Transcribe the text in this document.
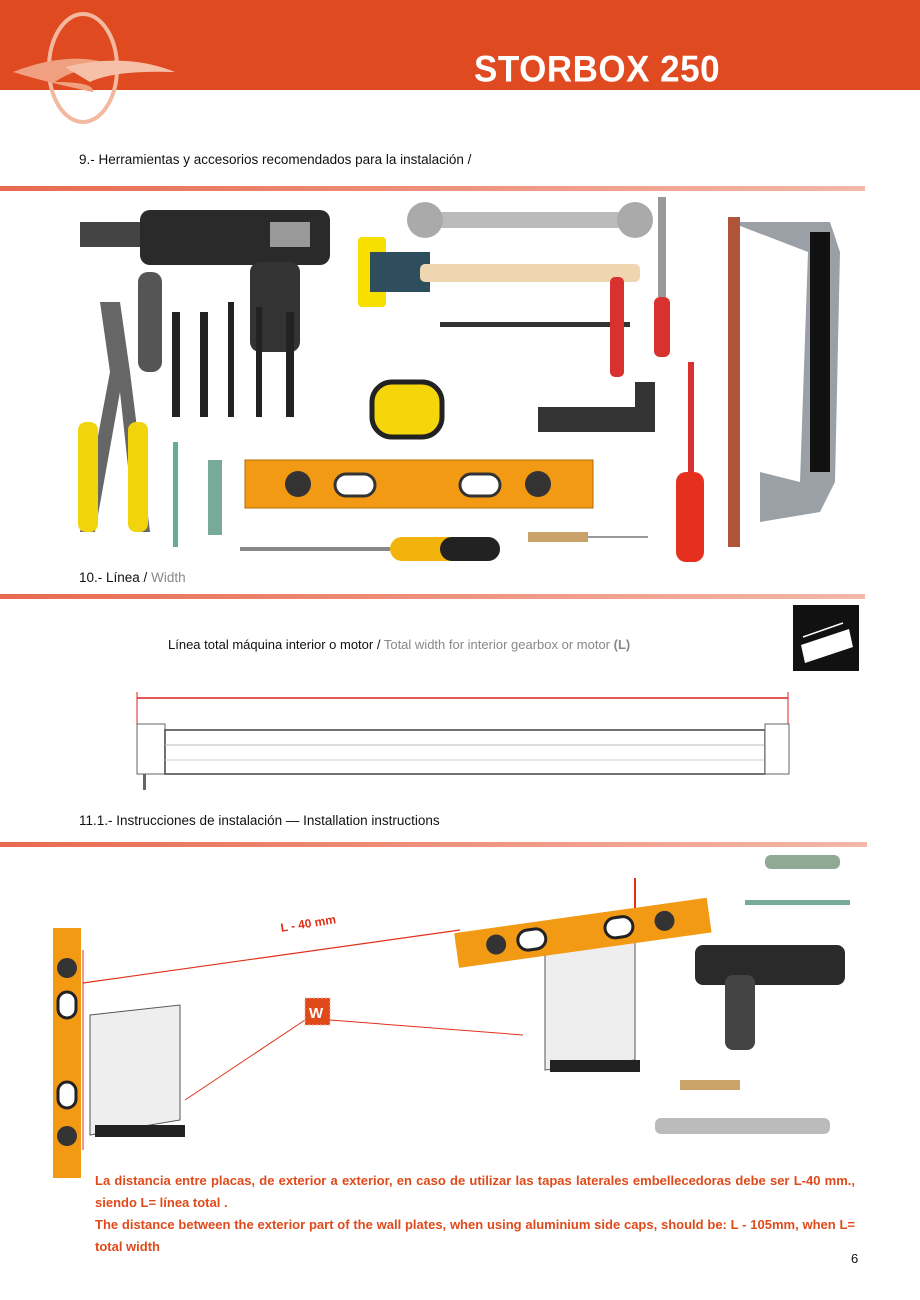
STORBOX 250
9.- Herramientas y accesorios recomendados para la instalación /
10.- Línea / Width
Línea total máquina interior o motor / Total width for interior gearbox or motor (L)
11.1.- Instrucciones de instalación — Installation instructions
L - 40 mm
W
La distancia entre placas, de exterior a exterior, en caso de utilizar las tapas laterales embellecedoras debe ser L-40 mm., siendo L= línea total .
The distance between the exterior part of the wall plates, when using aluminium side caps, should be: L - 105mm, when L= total width
6
